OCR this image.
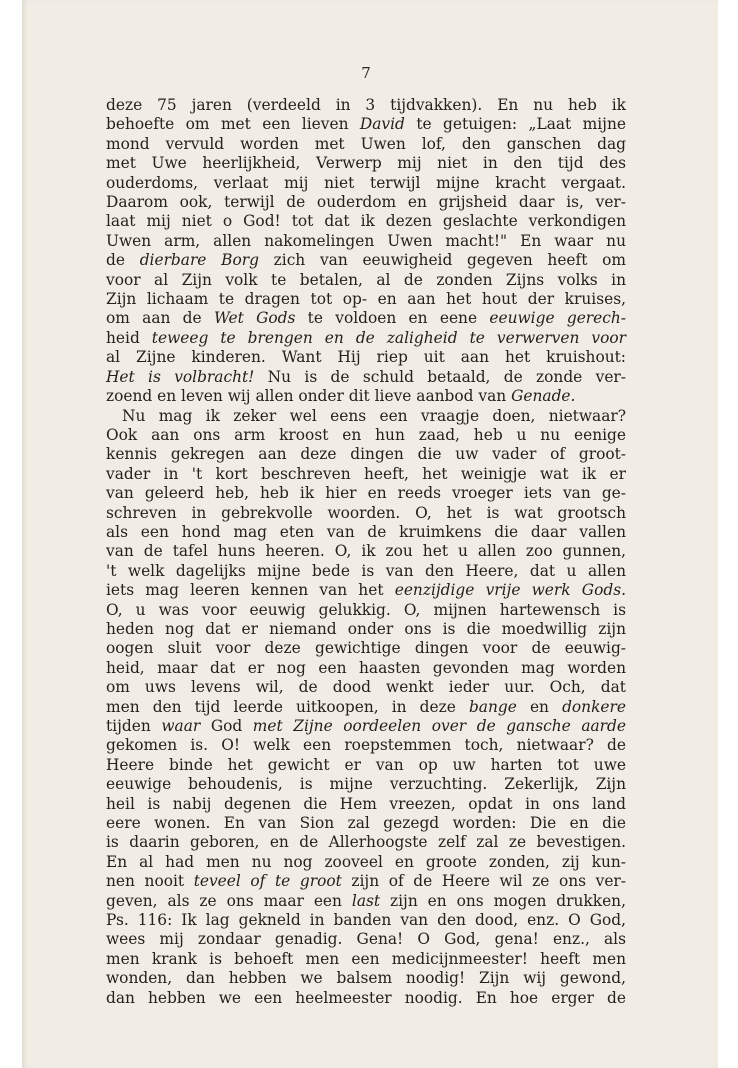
7
deze 75 jaren (verdeeld in 3 tijdvakken). En nu heb ik
behoefte om met een lieven David te getuigen: „Laat mijne
mond vervuld worden met Uwen lof, den ganschen dag
met Uwe heerlijkheid, Verwerp mij niet in den tijd des
ouderdoms, verlaat mij niet terwijl mijne kracht vergaat.
Daarom ook, terwijl de ouderdom en grijsheid daar is, ver-
laat mij niet o God! tot dat ik dezen geslachte verkondigen
Uwen arm, allen nakomelingen Uwen macht!" En waar nu
de dierbare Borg zich van eeuwigheid gegeven heeft om
voor al Zijn volk te betalen, al de zonden Zijns volks in
Zijn lichaam te dragen tot op- en aan het hout der kruises,
om aan de Wet Gods te voldoen en eene eeuwige gerech-
heid teweeg te brengen en de zaligheid te verwerven voor
al Zijne kinderen. Want Hij riep uit aan het kruishout:
Het is volbracht! Nu is de schuld betaald, de zonde ver-
zoend en leven wij allen onder dit lieve aanbod van Genade.
Nu mag ik zeker wel eens een vraagje doen, nietwaar?
Ook aan ons arm kroost en hun zaad, heb u nu eenige
kennis gekregen aan deze dingen die uw vader of groot-
vader in 't kort beschreven heeft, het weinigje wat ik er
van geleerd heb, heb ik hier en reeds vroeger iets van ge-
schreven in gebrekvolle woorden. O, het is wat grootsch
als een hond mag eten van de kruimkens die daar vallen
van de tafel huns heeren. O, ik zou het u allen zoo gunnen,
't welk dagelijks mijne bede is van den Heere, dat u allen
iets mag leeren kennen van het eenzijdige vrije werk Gods.
O, u was voor eeuwig gelukkig. O, mijnen hartewensch is
heden nog dat er niemand onder ons is die moedwillig zijn
oogen sluit voor deze gewichtige dingen voor de eeuwig-
heid, maar dat er nog een haasten gevonden mag worden
om uws levens wil, de dood wenkt ieder uur. Och, dat
men den tijd leerde uitkoopen, in deze bange en donkere
tijden waar God met Zijne oordeelen over de gansche aarde
gekomen is. O! welk een roepstemmen toch, nietwaar? de
Heere binde het gewicht er van op uw harten tot uwe
eeuwige behoudenis, is mijne verzuchting. Zekerlijk, Zijn
heil is nabij degenen die Hem vreezen, opdat in ons land
eere wonen. En van Sion zal gezegd worden: Die en die
is daarin geboren, en de Allerhoogste zelf zal ze bevestigen.
En al had men nu nog zooveel en groote zonden, zij kun-
nen nooit teveel of te groot zijn of de Heere wil ze ons ver-
geven, als ze ons maar een last zijn en ons mogen drukken,
Ps. 116: Ik lag gekneld in banden van den dood, enz. O God,
wees mij zondaar genadig. Gena! O God, gena! enz., als
men krank is behoeft men een medicijnmeester! heeft men
wonden, dan hebben we balsem noodig! Zijn wij gewond,
dan hebben we een heelmeester noodig. En hoe erger de
